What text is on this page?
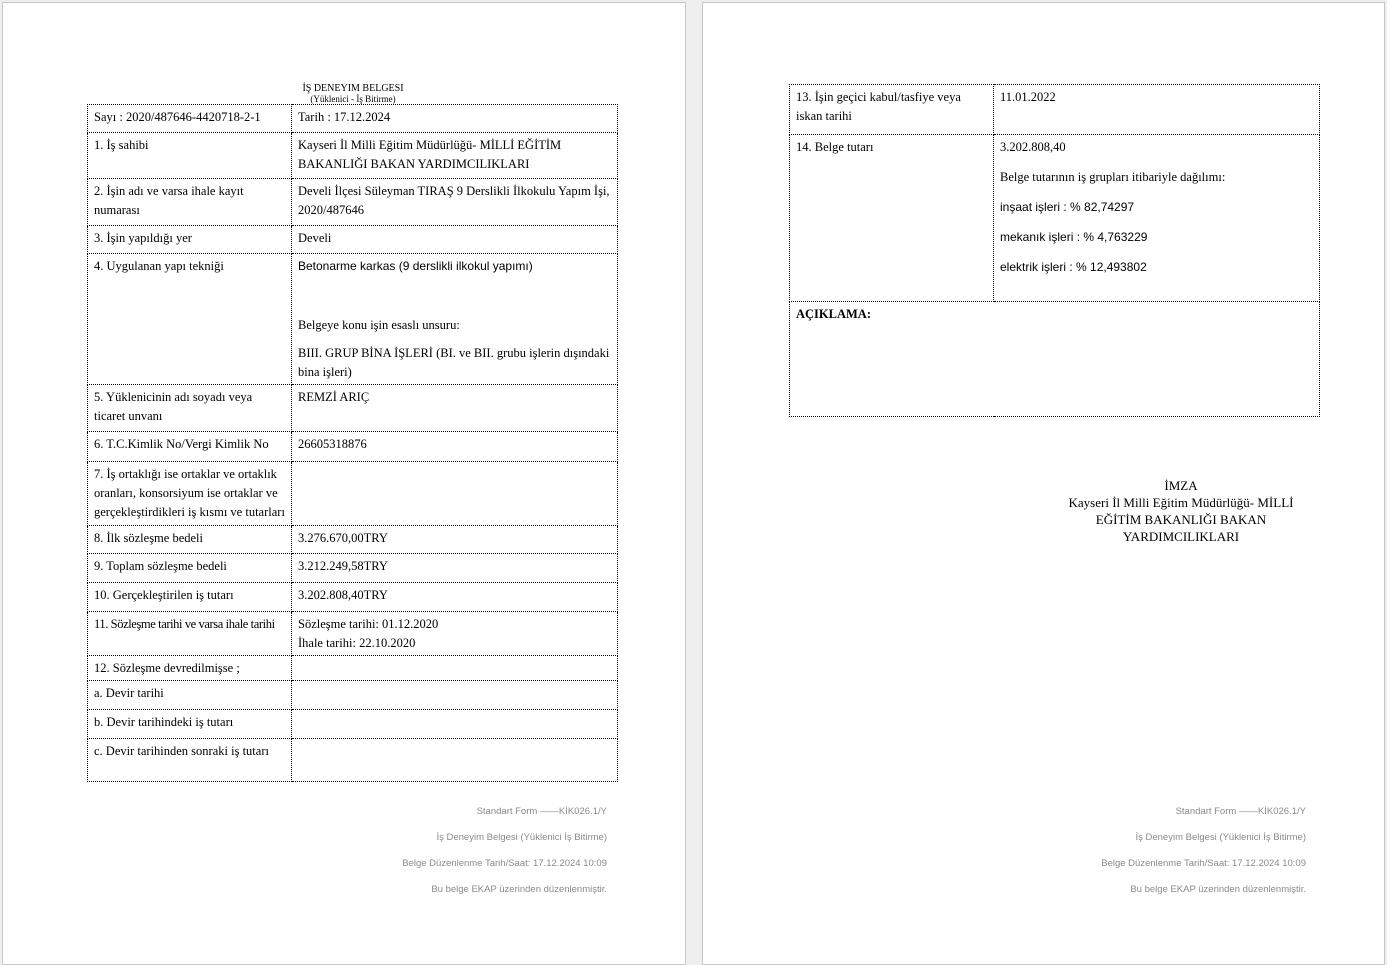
İŞ DENEYIM BELGESI
(Yüklenici - İş Bitirme)
Sayı : 2020/487646-4420718-2-1	Tarih : 17.12.2024
1. İş sahibi	Kayseri İl Milli Eğitim Müdürlüğü- MİLLİ EĞİTİM BAKANLIĞI BAKAN YARDIMCILIKLARI
2. İşin adı ve varsa ihale kayıt numarası	Develi İlçesi Süleyman TIRAŞ 9 Derslikli İlkokulu Yapım İşi, 2020/487646
3. İşin yapıldığı yer	Develi
4. Uygulanan yapı tekniği	Betonarme karkas (9 derslikli ilkokul yapımı)
Belgeye konu işin esaslı unsuru:
BIII. GRUP BİNA İŞLERİ (BI. ve BII. grubu işlerin dışındaki bina işleri)

5. Yüklenicinin adı soyadı veya ticaret unvanı	REMZİ ARIÇ
6. T.C.Kimlik No/Vergi Kimlik No	26605318876
7. İş ortaklığı ise ortaklar ve ortaklık oranları, konsorsiyum ise ortaklar ve gerçekleştirdikleri iş kısmı ve tutarları	
8. İlk sözleşme bedeli	3.276.670,00TRY
9. Toplam sözleşme bedeli	3.212.249,58TRY
10. Gerçekleştirilen iş tutarı	3.202.808,40TRY
11. Sözleşme tarihi ve varsa ihale tarihi	Sözleşme tarihi: 01.12.2020
İhale tarihi: 22.10.2020

12. Sözleşme devredilmişse ;	
a. Devir tarihi	
b. Devir tarihindeki iş tutarı	
c. Devir tarihinden sonraki iş tutarı	
Standart Form ——KİK026.1/Y
İş Deneyim Belgesi (Yüklenici İş Bitirme)
Belge Düzenlenme Tarih/Saat: 17.12.2024 10:09
Bu belge EKAP üzerinden düzenlenmiştir.
13. İşin geçici kabul/tasfiye veya iskan tarihi	11.01.2022
14. Belge tutarı	3.202.808,40
Belge tutarının iş grupları itibariyle dağılımı:
inşaat işleri : % 82,74297
mekanık işleri : % 4,763229
elektrik işleri : % 12,493802

AÇIKLAMA:	
İMZA
Kayseri İl Milli Eğitim Müdürlüğü- MİLLİ
EĞİTİM BAKANLIĞI BAKAN
YARDIMCILIKLARI
Standart Form ——KİK026.1/Y
İş Deneyim Belgesi (Yüklenici İş Bitirme)
Belge Düzenlenme Tarih/Saat: 17.12.2024 10:09
Bu belge EKAP üzerinden düzenlenmiştir.
